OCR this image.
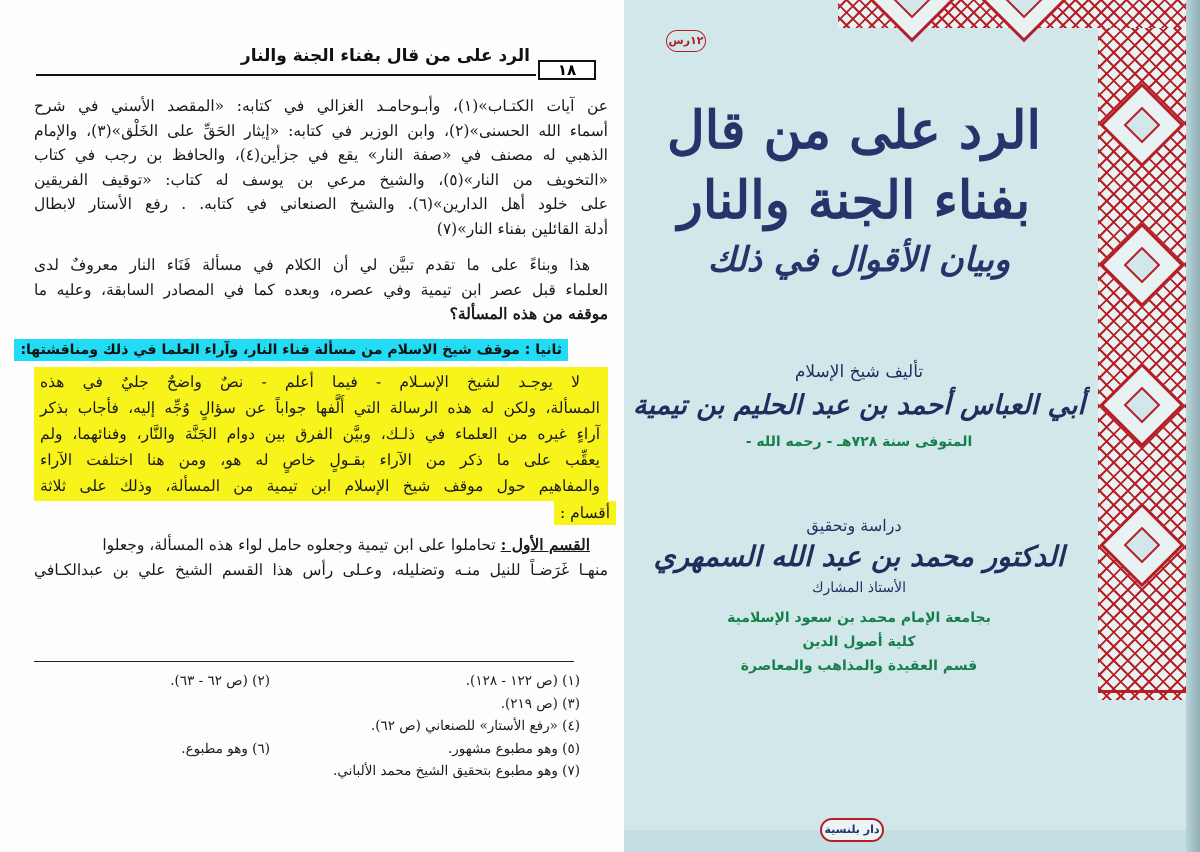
١٨
الرد على من قال بفناء الجنة والنار
عن آيات الكتـاب»(١)، وأبـوحامـد الغزالي في كتابه: «المقصد الأسني في شرح
أسماء الله الحسنى»(٢)، وابن الوزير في كتابه: «إيثار الحَقِّ على الخَلْق»(٣)، والإمام
الذهبي له مصنف في «صفة النار» يقع في جزأين(٤)، والحافظ بن رجب في كتاب
«التخويف من النار»(٥)، والشيخ مرعي بن يوسف له كتاب: «توقيف الفريقين
على خلود أهل الدارين»(٦). والشيخ الصنعاني في كتابه. . رفع الأستار لابطال
أدلة القائلين بفناء النار»(٧)
هذا وبناءً على ما تقدم تبيَّن لي أن الكلام في مسألة فَنَاء النار معروفٌ لدى
العلماء قبل عصر ابن تيمية وفي عصره، وبعده كما في المصادر السابقة، وعليه ما
موقفه من هذه المسألة؟
ثانيا : موقف شيخ الاسلام من مسألة فناء النار، وآراء العلما في ذلك ومناقشتها:
لا يوجـد لشيخ الإسـلام - فيما أعلم - نصٌ واضحٌ جليٌ في هذه
المسألة، ولكن له هذه الرسالة التي أَلَّفها جواباً عن سؤالٍ وُجِّه إليه، فأجاب بذكر
آراءٍ غيره من العلماء في ذلـك، وبيَّن الفرق بين دوام الجَنَّة والنَّار، وفنائهما، ولم
يعقِّب على ما ذكر من الآراء بقـولٍ خاصٍ له هو، ومن هنا اختلفت الآراء
والمفاهيم حول موقف شيخ الإسلام ابن تيمية من المسألة، وذلك على ثلاثة
أقسام :
القسم الأول : تحاملوا على ابن تيمية وجعلوه حامل لواء هذه المسألة، وجعلوا
منهـا غَرَضـاً للنيل منـه وتضليله، وعـلى رأس هذا القسم الشيخ علي بن عبدالكـافي
(١) (ص ١٢٢ - ١٢٨).
(٢) (ص ٦٢ - ٦٣).
(٣) (ص ٢١٩).
(٤) «رفع الأستار» للصنعاني (ص ٦٢).
(٥) وهو مطبوع مشهور.
(٦) وهو مطبوع.
(٧) وهو مطبوع بتحقيق الشيخ محمد الألباني.
١٢رس
الرد على من قال
بفناء الجنة والنار
وبيان الأقوال في ذلك
تأليف شيخ الإسلام
أبي العباس أحمد بن عبد الحليم بن تيمية
المتوفى سنة ٧٢٨هـ - رحمه الله -
دراسة وتحقيق
الدكتور محمد بن عبد الله السمهري
الأستاذ المشارك
بجامعة الإمام محمد بن سعود الإسلامية
كلية أصول الدين
قسم العقيدة والمذاهب والمعاصرة
دار بلنسية
